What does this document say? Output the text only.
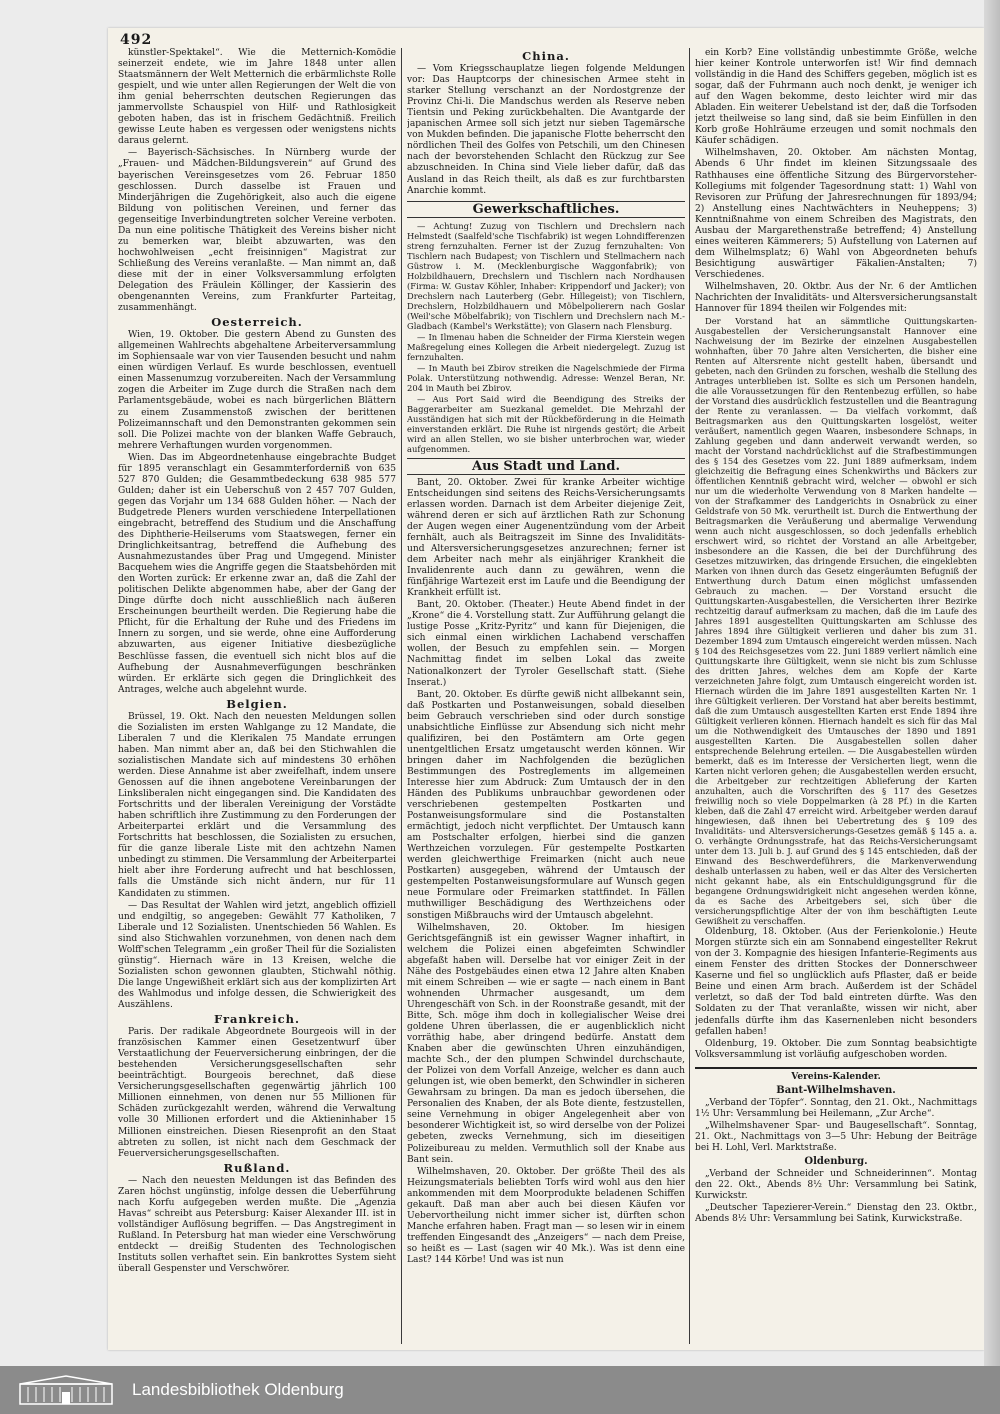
492

künstler-Spektakel“. Wie die Metternich-Komödie seinerzeit endete, wie im Jahre 1848 unter allen Staatsmännern der Welt Metternich die erbärmlichste Rolle gespielt, und wie unter allen Regierungen der Welt die von ihm genial beherrschten deutschen Regierungen das jammervollste Schauspiel von Hilf- und Rathlosigkeit geboten haben, das ist in frischem Gedächtniß. Freilich gewisse Leute haben es vergessen oder wenigstens nichts daraus gelernt.

— Bayerisch-Sächsisches. In Nürnberg wurde der „Frauen- und Mädchen-Bildungsverein“ auf Grund des bayerischen Vereinsgesetzes vom 26. Februar 1850 geschlossen. Durch dasselbe ist Frauen und Minderjährigen die Zugehörigkeit, also auch die eigene Bildung von politischen Vereinen, und ferner das gegenseitige Inverbindungtreten solcher Vereine verboten. Da nun eine politische Thätigkeit des Vereins bisher nicht zu bemerken war, bleibt abzuwarten, was den hochwohlweisen „echt freisinnigen“ Magistrat zur Schließung des Vereins veranlaßte. — Man nimmt an, daß diese mit der in einer Volksversammlung erfolgten Delegation des Fräulein Köllinger, der Kassierin des obengenannten Vereins, zum Frankfurter Parteitag, zusammenhängt.

Oesterreich.

Wien, 19. Oktober. Die gestern Abend zu Gunsten des allgemeinen Wahlrechts abgehaltene Arbeiterversammlung im Sophiensaale war von vier Tausenden besucht und nahm einen würdigen Verlauf. Es wurde beschlossen, eventuell einen Massenumzug vorzubereiten. Nach der Versammlung zogen die Arbeiter im Zuge durch die Straßen nach dem Parlamentsgebäude, wobei es nach bürgerlichen Blättern zu einem Zusammenstoß zwischen der berittenen Polizeimannschaft und den Demonstranten gekommen sein soll. Die Polizei machte von der blanken Waffe Gebrauch, mehrere Verhaftungen wurden vorgenommen.

Wien. Das im Abgeordnetenhause eingebrachte Budget für 1895 veranschlagt ein Gesammterforderniß von 635 527 870 Gulden; die Gesammtbedeckung 638 985 577 Gulden; daher ist ein Ueberschuß von 2 457 707 Gulden, gegen das Vorjahr um 134 688 Gulden höher. — Nach der Budgetrede Pleners wurden verschiedene Interpellationen eingebracht, betreffend des Studium und die Anschaffung des Diphtherie-Heilserums vom Staatswegen, ferner ein Dringlichkeitsantrag, betreffend die Aufhebung des Ausnahmezustandes über Prag und Umgegend. Minister Bacquehem wies die Angriffe gegen die Staatsbehörden mit den Worten zurück: Er erkenne zwar an, daß die Zahl der politischen Delikte abgenommen habe, aber der Gang der Dinge dürfte doch nicht ausschließlich nach äußeren Erscheinungen beurtheilt werden. Die Regierung habe die Pflicht, für die Erhaltung der Ruhe und des Friedens im Innern zu sorgen, und sie werde, ohne eine Aufforderung abzuwarten, aus eigener Initiative diesbezügliche Beschlüsse fassen, die eventuell sich nicht blos auf die Aufhebung der Ausnahmeverfügungen beschränken würden. Er erklärte sich gegen die Dringlichkeit des Antrages, welche auch abgelehnt wurde.

Belgien.

Brüssel, 19. Okt. Nach den neuesten Meldungen sollen die Sozialisten im ersten Wahlgange zu 12 Mandate, die Liberalen 7 und die Klerikalen 75 Mandate errungen haben. Man nimmt aber an, daß bei den Stichwahlen die sozialistischen Mandate sich auf mindestens 30 erhöhen werden. Diese Annahme ist aber zweifelhaft, indem unsere Genossen auf die ihnen angebotene Vereinbarungen der Linksliberalen nicht eingegangen sind. Die Kandidaten des Fortschritts und der liberalen Vereinigung der Vorstädte haben schriftlich ihre Zustimmung zu den Forderungen der Arbeiterpartei erklärt und die Versammlung des Fortschritts hat beschlossen, die Sozialisten zu ersuchen, für die ganze liberale Liste mit den achtzehn Namen unbedingt zu stimmen. Die Versammlung der Arbeiterpartei hielt aber ihre Forderung aufrecht und hat beschlossen, falls die Umstände sich nicht ändern, nur für 11 Kandidaten zu stimmen.

— Das Resultat der Wahlen wird jetzt, angeblich offiziell und endgiltig, so angegeben: Gewählt 77 Katholiken, 7 Liberale und 12 Sozialisten. Unentschieden 56 Wahlen. Es sind also Stichwahlen vorzunehmen, von denen nach dem Wolff'schen Telegramm „ein großer Theil für die Sozialisten günstig“. Hiernach wäre in 13 Kreisen, welche die Sozialisten schon gewonnen glaubten, Stichwahl nöthig. Die lange Ungewißheit erklärt sich aus der komplizirten Art des Wahlmodus und infolge dessen, die Schwierigkeit des Auszählens.

Frankreich.

Paris. Der radikale Abgeordnete Bourgeois will in der französischen Kammer einen Gesetzentwurf über Verstaatlichung der Feuerversicherung einbringen, der die bestehenden Versicherungsgesellschaften sehr beeinträchtigt. Bourgeois berechnet, daß diese Versicherungsgesellschaften gegenwärtig jährlich 100 Millionen einnehmen, von denen nur 55 Millionen für Schäden zurückgezahlt werden, während die Verwaltung volle 30 Millionen erfordert und die Aktieninhaber 15 Millionen einstreichen. Diesen Riesenprofit an den Staat abtreten zu sollen, ist nicht nach dem Geschmack der Feuerversicherungsgesellschaften.

Rußland.

— Nach den neuesten Meldungen ist das Befinden des Zaren höchst ungünstig, infolge dessen die Ueberführung nach Korfu aufgegeben werden mußte. Die „Agenzia Havas“ schreibt aus Petersburg: Kaiser Alexander III. ist in vollständiger Auflösung begriffen. — Das Angstregiment in Rußland. In Petersburg hat man wieder eine Verschwörung entdeckt — dreißig Studenten des Technologischen Instituts sollen verhaftet sein. Ein bankrottes System sieht überall Gespenster und Verschwörer.

China.

— Vom Kriegsschauplatze liegen folgende Meldungen vor: Das Hauptcorps der chinesischen Armee steht in starker Stellung verschanzt an der Nordostgrenze der Provinz Chi-li. Die Mandschus werden als Reserve neben Tientsin und Peking zurückbehalten. Die Avantgarde der japanischen Armee soll sich jetzt nur sieben Tagemärsche von Mukden befinden. Die japanische Flotte beherrscht den nördlichen Theil des Golfes von Petschili, um den Chinesen nach der bevorstehenden Schlacht den Rückzug zur See abzuschneiden. In China sind Viele lieber dafür, daß das Ausland in das Reich theilt, als daß es zur furchtbarsten Anarchie kommt.

Gewerkschaftliches.

— Achtung! Zuzug von Tischlern und Drechslern nach Helmstedt (Saalfeld'sche Tischfabrik) ist wegen Lohndifferenzen streng fernzuhalten. Ferner ist der Zuzug fernzuhalten: Von Tischlern nach Budapest; von Tischlern und Stellmachern nach Güstrow i. M. (Mecklenburgische Waggonfabrik); von Holzbildhauern, Drechslern und Tischlern nach Nordhausen (Firma: W. Gustav Köhler, Inhaber: Krippendorf und Jacker); von Drechslern nach Lauterberg (Gebr. Hillegeist); von Tischlern, Drechslern, Holzbildhauern und Möbelpolierern nach Goslar (Weil'sche Möbelfabrik); von Tischlern und Drechslern nach M.-Gladbach (Kambel's Werkstätte); von Glasern nach Flensburg.

— In Ilmenau haben die Schneider der Firma Kierstein wegen Maßregelung eines Kollegen die Arbeit niedergelegt. Zuzug ist fernzuhalten.

— In Mauth bei Zbirov streiken die Nagelschmiede der Firma Polak. Unterstützung nothwendig. Adresse: Wenzel Beran, Nr. 204 in Mauth bei Zbirov.

— Aus Port Said wird die Beendigung des Streiks der Baggerarbeiter am Suezkanal gemeldet. Die Mehrzahl der Ausständigen hat sich mit der Rückbeförderung in die Heimath einverstanden erklärt. Die Ruhe ist nirgends gestört; die Arbeit wird an allen Stellen, wo sie bisher unterbrochen war, wieder aufgenommen.

Aus Stadt und Land.

Bant, 20. Oktober. Zwei für kranke Arbeiter wichtige Entscheidungen sind seitens des Reichs-Versicherungsamts erlassen worden. Darnach ist dem Arbeiter diejenige Zeit, während deren er sich auf ärztlichen Rath zur Schonung der Augen wegen einer Augenentzündung vom der Arbeit fernhält, auch als Beitragszeit im Sinne des Invaliditäts- und Altersversicherungsgesetzes anzurechnen; ferner ist dem Arbeiter nach mehr als einjähriger Krankheit die Invalidenrente auch dann zu gewähren, wenn die fünfjährige Wartezeit erst im Laufe und die Beendigung der Krankheit erfüllt ist.

Bant, 20. Oktober. (Theater.) Heute Abend findet in der „Krone“ die 4. Vorstellung statt. Zur Aufführung gelangt die lustige Posse „Kritz-Pyritz“ und kann für Diejenigen, die sich einmal einen wirklichen Lachabend verschaffen wollen, der Besuch zu empfehlen sein. — Morgen Nachmittag findet im selben Lokal das zweite Nationalkonzert der Tyroler Gesellschaft statt. (Siehe Inserat.)

Bant, 20. Oktober. Es dürfte gewiß nicht allbekannt sein, daß Postkarten und Postanweisungen, sobald dieselben beim Gebrauch verschrieben sind oder durch sonstige unabsichtliche Einflüsse zur Absendung sich nicht mehr qualifiziren, bei den Postämtern am Orte gegen unentgeltlichen Ersatz umgetauscht werden können. Wir bringen daher im Nachfolgenden die bezüglichen Bestimmungen des Postreglements im allgemeinen Interesse hier zum Abdruck: Zum Umtausch der in den Händen des Publikums unbrauchbar gewordenen oder verschriebenen gestempelten Postkarten und Postanweisungsformulare sind die Postanstalten ermächtigt, jedoch nicht verpflichtet. Der Umtausch kann am Postschalter erfolgen, hierbei sind die ganzen Werthzeichen vorzulegen. Für gestempelte Postkarten werden gleichwerthige Freimarken (nicht auch neue Postkarten) ausgegeben, während der Umtausch der gestempelten Postanweisungsformulare auf Wunsch gegen neue Formulare oder Freimarken stattfindet. In Fällen muthwilliger Beschädigung des Werthzeichens oder sonstigen Mißbrauchs wird der Umtausch abgelehnt.

Wilhelmshaven, 20. Oktober. Im hiesigen Gerichtsgefängniß ist ein gewisser Wagner inhaftirt, in welchem die Polizei einen abgefeimten Schwindler abgefaßt haben will. Derselbe hat vor einiger Zeit in der Nähe des Postgebäudes einen etwa 12 Jahre alten Knaben mit einem Schreiben — wie er sagte — nach einem in Bant wohnenden Uhrmacher ausgesandt, um dem Uhrengeschäft von Sch. in der Roonstraße gesandt, mit der Bitte, Sch. möge ihm doch in kollegialischer Weise drei goldene Uhren überlassen, die er augenblicklich nicht vorräthig habe, aber dringend bedürfe. Anstatt dem Knaben aber die gewünschten Uhren einzuhändigen, machte Sch., der den plumpen Schwindel durchschaute, der Polizei von dem Vorfall Anzeige, welcher es dann auch gelungen ist, wie oben bemerkt, den Schwindler in sicheren Gewahrsam zu bringen. Da man es jedoch übersehen, die Personalien des Knaben, der als Bote diente, festzustellen, seine Vernehmung in obiger Angelegenheit aber von besonderer Wichtigkeit ist, so wird derselbe von der Polizei gebeten, zwecks Vernehmung, sich im dieseitigen Polizeibureau zu melden. Vermuthlich soll der Knabe aus Bant sein.

Wilhelmshaven, 20. Oktober. Der größte Theil des als Heizungsmaterials beliebten Torfs wird wohl aus den hier ankommenden mit dem Moorprodukte beladenen Schiffen gekauft. Daß man aber auch bei diesen Käufen vor Uebervortheilung nicht immer sicher ist, dürften schon Manche erfahren haben. Fragt man — so lesen wir in einem treffenden Eingesandt des „Anzeigers“ — nach dem Preise, so heißt es — Last (sagen wir 40 Mk.). Was ist denn eine Last? 144 Körbe! Und was ist nun

ein Korb? Eine vollständig unbestimmte Größe, welche hier keiner Kontrole unterworfen ist! Wir find demnach vollständig in die Hand des Schiffers gegeben, möglich ist es sogar, daß der Fuhrmann auch noch denkt, je weniger ich auf den Wagen bekomme, desto leichter wird mir das Abladen. Ein weiterer Uebelstand ist der, daß die Torfsoden jetzt theilweise so lang sind, daß sie beim Einfüllen in den Korb große Hohlräume erzeugen und somit nochmals den Käufer schädigen.

Wilhelmshaven, 20. Oktober. Am nächsten Montag, Abends 6 Uhr findet im kleinen Sitzungssaale des Rathhauses eine öffentliche Sitzung des Bürgervorsteher-Kollegiums mit folgender Tagesordnung statt: 1) Wahl von Revisoren zur Prüfung der Jahresrechnungen für 1893/94; 2) Anstellung eines Nachtwächters in Neuheppens; 3) Kenntnißnahme von einem Schreiben des Magistrats, den Ausbau der Margarethenstraße betreffend; 4) Anstellung eines weiteren Kämmerers; 5) Aufstellung von Laternen auf dem Wilhelmsplatz; 6) Wahl von Abgeordneten behufs Besichtigung auswärtiger Fäkalien-Anstalten; 7) Verschiedenes.

Wilhelmshaven, 20. Oktbr. Aus der Nr. 6 der Amtlichen Nachrichten der Invaliditäts- und Altersversicherungsanstalt Hannover für 1894 theilen wir Folgendes mit:

Der Vorstand hat an sämmtliche Quittungskarten-Ausgabestellen der Versicherungsanstalt Hannover eine Nachweisung der im Bezirke der einzelnen Ausgabestellen wohnhaften, über 70 Jahre alten Versicherten, die bisher eine Renten auf Altersrente nicht gestellt haben, übersandt und gebeten, nach den Gründen zu forschen, weshalb die Stellung des Antrages unterblieben ist. Sollte es sich um Personen handeln, die alle Voraussetzungen für den Rentenbezug erfüllen, so habe der Vorstand dies ausdrücklich festzustellen und die Beantragung der Rente zu veranlassen. — Da vielfach vorkommt, daß Beitragsmarken aus den Quittungskarten losgelöst, weiter veräußert, namentlich gegen Waaren, insbesondere Schnaps, in Zahlung gegeben und dann anderweit verwandt werden, so macht der Vorstand nachdrücklichst auf die Strafbestimmungen des § 154 des Gesetzes vom 22. Juni 1889 aufmerksam, indem gleichzeitig die Befragung eines Schenkwirths und Bäckers zur öffentlichen Kenntniß gebracht wird, welcher — obwohl er sich nur um die wiederholte Verwendung von 8 Marken handelte — von der Strafkammer des Landgerichts in Osnabrück zu einer Geldstrafe von 50 Mk. verurtheilt ist. Durch die Entwerthung der Beitragsmarken die Veräußerung und abermalige Verwendung wenn auch nicht ausgeschlossen, so doch jedenfalls erheblich erschwert wird, so richtet der Vorstand an alle Arbeitgeber, insbesondere an die Kassen, die bei der Durchführung des Gesetzes mitzuwirken, das dringende Ersuchen, die eingeklebten Marken von ihnen durch das Gesetz eingeräumten Befugniß der Entwerthung durch Datum einen möglichst umfassenden Gebrauch zu machen. — Der Vorstand ersucht die Quittungskarten-Ausgabestellen, die Versicherten ihrer Bezirke rechtzeitig darauf aufmerksam zu machen, daß die im Laufe des Jahres 1891 ausgestellten Quittungskarten am Schlusse des Jahres 1894 ihre Gültigkeit verlieren und daher bis zum 31. Dezember 1894 zum Umtausch eingereicht werden müssen. Nach § 104 des Reichsgesetzes vom 22. Juni 1889 verliert nämlich eine Quittungskarte ihre Gültigkeit, wenn sie nicht bis zum Schlusse des dritten Jahres, welches dem am Kopfe der Karte verzeichneten Jahre folgt, zum Umtausch eingereicht worden ist. Hiernach würden die im Jahre 1891 ausgestellten Karten Nr. 1 ihre Gültigkeit verlieren. Der Vorstand hat aber bereits bestimmt, daß die zum Umtausch ausgestellten Karten erst Ende 1894 ihre Gültigkeit verlieren können. Hiernach handelt es sich für das Mal um die Nothwendigkeit des Umtausches der 1890 und 1891 ausgestellten Karten. Die Ausgabestellen sollen daher entsprechende Belehrung erteilen. — Die Ausgabestellen würden bemerkt, daß es im Interesse der Versicherten liegt, wenn die Karten nicht verloren gehen; die Ausgabestellen werden ersucht, die Arbeitgeber zur rechtzeitigen Ablieferung der Karten anzuhalten, auch die Vorschriften des § 117 des Gesetzes freiwillig noch so viele Doppelmarken (à 28 Pf.) in die Karten kleben, daß die Zahl 47 erreicht wird. Arbeitgeber werden darauf hingewiesen, daß ihnen bei Uebertretung des § 109 des Invaliditäts- und Altersversicherungs-Gesetzes gemäß § 145 a. a. O. verhängte Ordnungsstrafe, hat das Reichs-Versicherungsamt unter dem 13. Juli b. J. auf Grund des § 145 entschieden, daß der Einwand des Beschwerdeführers, die Markenverwendung deshalb unterlassen zu haben, weil er das Alter des Versicherten nicht gekannt habe, als ein Entschuldigungsgrund für die begangene Ordnungswidrigkeit nicht angesehen werden könne, da es Sache des Arbeitgebers sei, sich über die versicherungspflichtige Alter der von ihm beschäftigten Leute Gewißheit zu verschaffen.

Oldenburg, 18. Oktober. (Aus der Ferienkolonie.) Heute Morgen stürzte sich ein am Sonnabend eingestellter Rekrut von der 3. Kompagnie des hiesigen Infanterie-Regiments aus einem Fenster des dritten Stockes der Donnerschweer Kaserne und fiel so unglücklich aufs Pflaster, daß er beide Beine und einen Arm brach. Außerdem ist der Schädel verletzt, so daß der Tod bald eintreten dürfte. Was den Soldaten zu der That veranlaßte, wissen wir nicht, aber jedenfalls dürfte ihm das Kasernenleben nicht besonders gefallen haben!

Oldenburg, 19. Oktober. Die zum Sonntag beabsichtigte Volksversammlung ist vorläufig aufgeschoben worden.

Vereins-Kalender.
Bant-Wilhelmshaven.

„Verband der Töpfer“. Sonntag, den 21. Okt., Nachmittags 1½ Uhr: Versammlung bei Heilemann, „Zur Arche“.

„Wilhelmshavener Spar- und Baugesellschaft“. Sonntag, 21. Okt., Nachmittags von 3—5 Uhr: Hebung der Beiträge bei H. Lohl, Verl. Marktstraße.

Oldenburg.

„Verband der Schneider und Schneiderinnen“. Montag den 22. Okt., Abends 8½ Uhr: Versammlung bei Satink, Kurwickstr.

„Deutscher Tapezierer-Verein.“ Dienstag den 23. Oktbr., Abends 8½ Uhr: Versammlung bei Satink, Kurwickstraße.

Landesbibliothek Oldenburg
